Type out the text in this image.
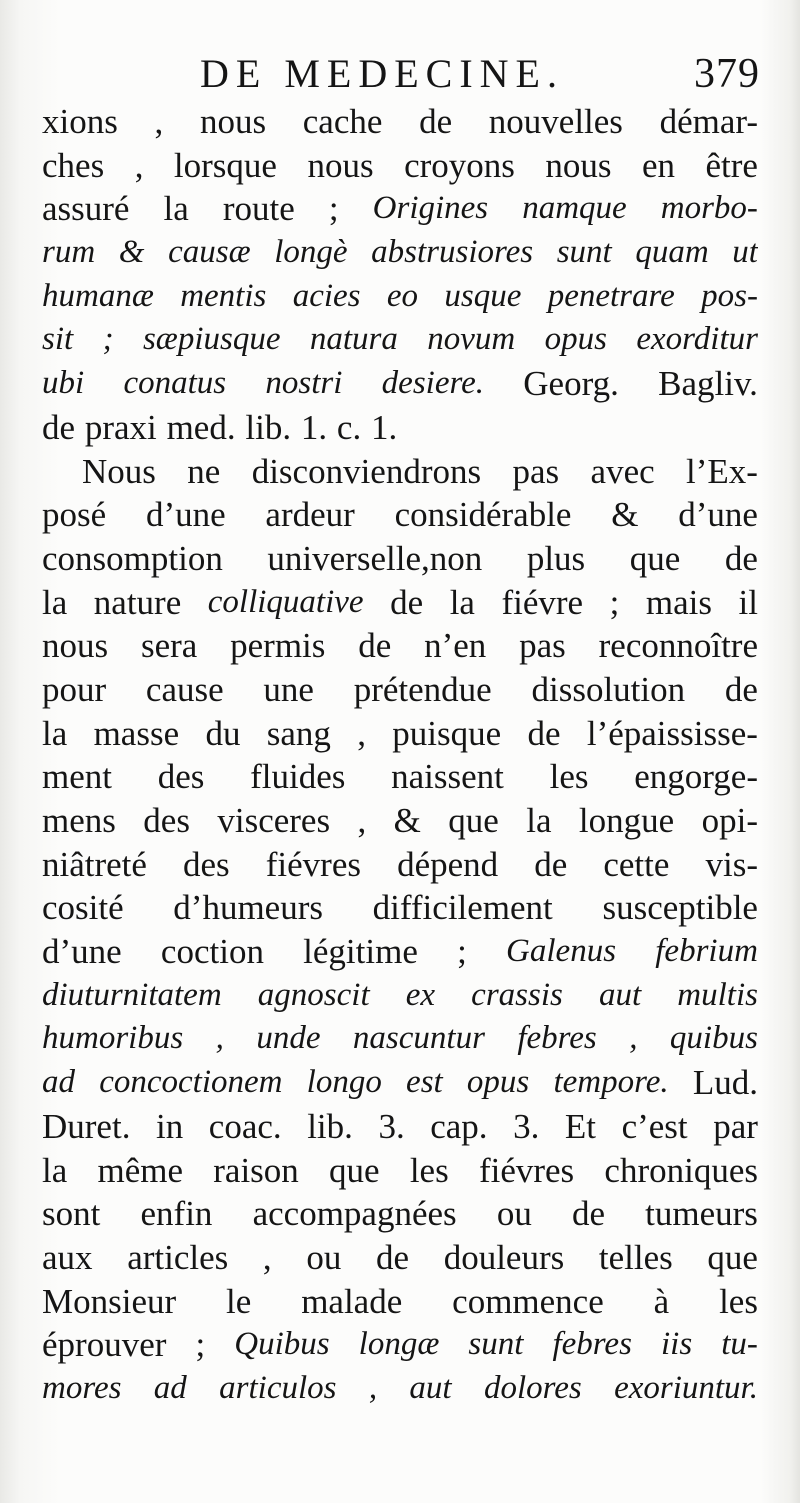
DE MEDECINE.	379
xions , nous cache de nouvelles démar-
ches , lorsque nous croyons nous en être
assuré la route ; Origines namque morbo-
rum & causæ longè abstrusiores sunt quam ut
humanæ mentis acies eo usque penetrare pos-
sit ; sæpiusque natura novum opus exorditur
ubi conatus nostri desiere. Georg. Bagliv.
de praxi med. lib. 1. c. 1.
Nous ne disconviendrons pas avec l’Ex-
posé d’une ardeur considérable & d’une
consomption universelle,non plus que de
la nature colliquative de la fiévre ; mais il
nous sera permis de n’en pas reconnoître
pour cause une prétendue dissolution de
la masse du sang , puisque de l’épaississe-
ment des fluides naissent les engorge-
mens des visceres , & que la longue opi-
niâtreté des fiévres dépend de cette vis-
cosité d’humeurs difficilement susceptible
d’une coction légitime ; Galenus febrium
diuturnitatem agnoscit ex crassis aut multis
humoribus , unde nascuntur febres , quibus
ad concoctionem longo est opus tempore. Lud.
Duret. in coac. lib. 3. cap. 3. Et c’est par
la même raison que les fiévres chroniques
sont enfin accompagnées ou de tumeurs
aux articles , ou de douleurs telles que
Monsieur le malade commence à les
éprouver ; Quibus longæ sunt febres iis tu-
mores ad articulos , aut dolores exoriuntur.
